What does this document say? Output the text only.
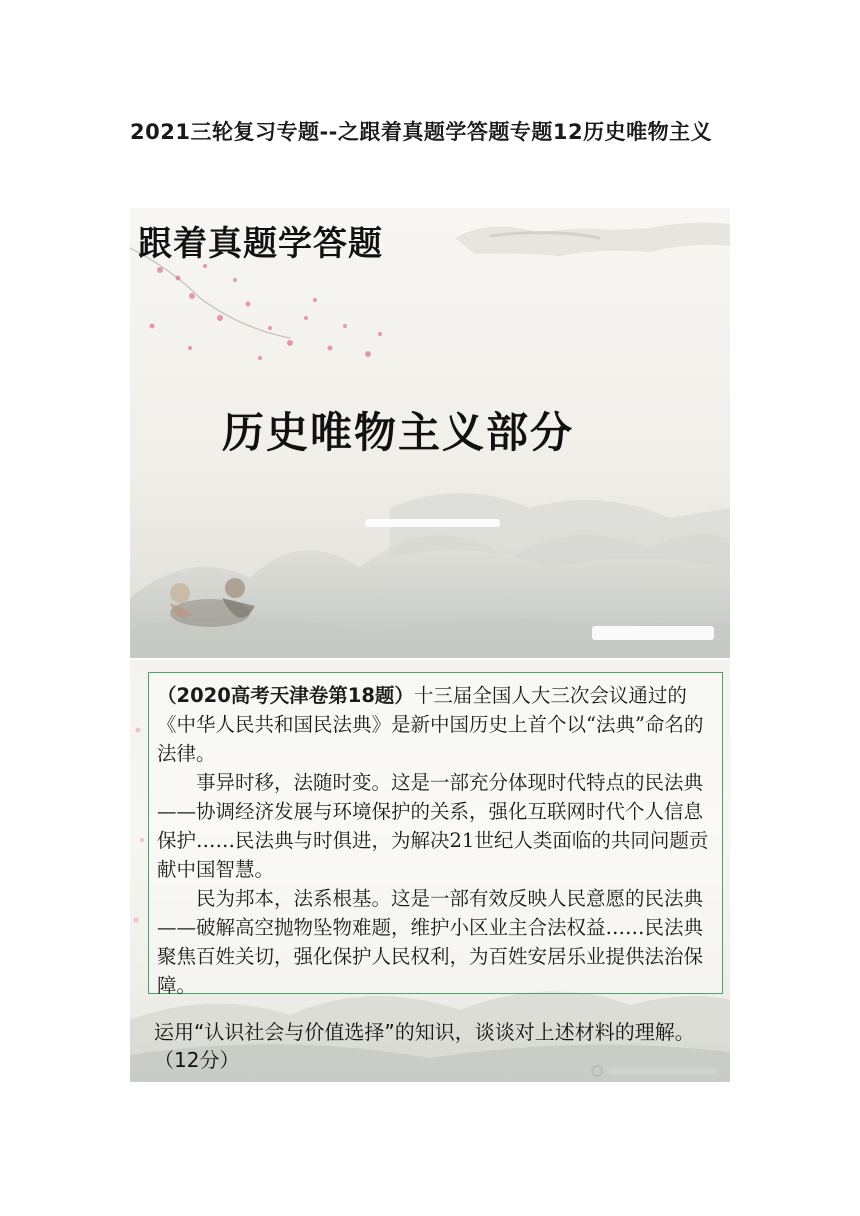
2021三轮复习专题--之跟着真题学答题专题12历史唯物主义
跟着真题学答题
历史唯物主义部分

（2020高考天津卷第18题）十三届全国人大三次会议通过的《中华人民共和国民法典》是新中国历史上首个以“法典”命名的法律。

事异时移，法随时变。这是一部充分体现时代特点的民法典——协调经济发展与环境保护的关系，强化互联网时代个人信息保护……民法典与时俱进，为解决21世纪人类面临的共同问题贡献中国智慧。

民为邦本，法系根基。这是一部有效反映人民意愿的民法典——破解高空抛物坠物难题，维护小区业主合法权益……民法典聚焦百姓关切，强化保护人民权利，为百姓安居乐业提供法治保障。

运用“认识社会与价值选择”的知识，谈谈对上述材料的理解。（12分）
